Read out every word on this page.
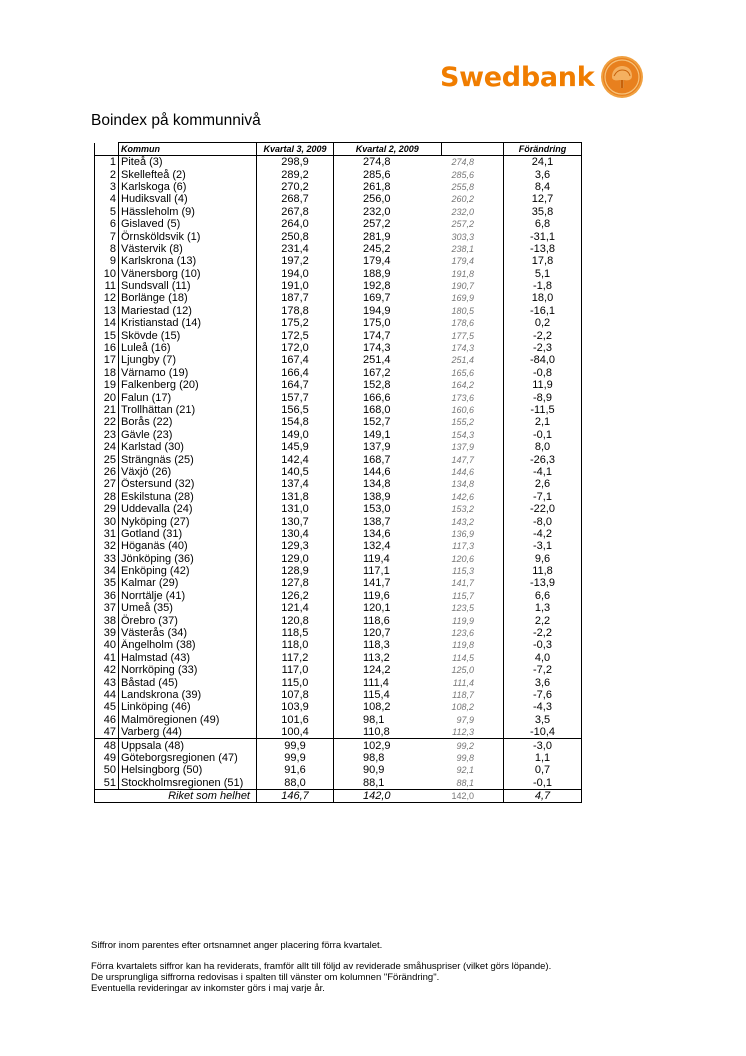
Swedbank
Boindex på kommunnivå
	Kommun	Kvartal 3, 2009	Kvartal 2, 2009			Förändring
1	Piteå (3)	298,9	274,8	274,8		24,1
2	Skellefteå (2)	289,2	285,6	285,6		3,6
3	Karlskoga (6)	270,2	261,8	255,8		8,4
4	Hudiksvall (4)	268,7	256,0	260,2		12,7
5	Hässleholm (9)	267,8	232,0	232,0		35,8
6	Gislaved (5)	264,0	257,2	257,2		6,8
7	Örnsköldsvik (1)	250,8	281,9	303,3		-31,1
8	Västervik (8)	231,4	245,2	238,1		-13,8
9	Karlskrona (13)	197,2	179,4	179,4		17,8
10	Vänersborg (10)	194,0	188,9	191,8		5,1
11	Sundsvall (11)	191,0	192,8	190,7		-1,8
12	Borlänge (18)	187,7	169,7	169,9		18,0
13	Mariestad (12)	178,8	194,9	180,5		-16,1
14	Kristianstad (14)	175,2	175,0	178,6		0,2
15	Skövde (15)	172,5	174,7	177,5		-2,2
16	Luleå (16)	172,0	174,3	174,3		-2,3
17	Ljungby (7)	167,4	251,4	251,4		-84,0
18	Värnamo (19)	166,4	167,2	165,6		-0,8
19	Falkenberg (20)	164,7	152,8	164,2		11,9
20	Falun (17)	157,7	166,6	173,6		-8,9
21	Trollhättan (21)	156,5	168,0	160,6		-11,5
22	Borås (22)	154,8	152,7	155,2		2,1
23	Gävle (23)	149,0	149,1	154,3		-0,1
24	Karlstad (30)	145,9	137,9	137,9		8,0
25	Strängnäs (25)	142,4	168,7	147,7		-26,3
26	Växjö (26)	140,5	144,6	144,6		-4,1
27	Östersund (32)	137,4	134,8	134,8		2,6
28	Eskilstuna (28)	131,8	138,9	142,6		-7,1
29	Uddevalla (24)	131,0	153,0	153,2		-22,0
30	Nyköping (27)	130,7	138,7	143,2		-8,0
31	Gotland (31)	130,4	134,6	136,9		-4,2
32	Höganäs (40)	129,3	132,4	117,3		-3,1
33	Jönköping (36)	129,0	119,4	120,6		9,6
34	Enköping (42)	128,9	117,1	115,3		11,8
35	Kalmar (29)	127,8	141,7	141,7		-13,9
36	Norrtälje (41)	126,2	119,6	115,7		6,6
37	Umeå (35)	121,4	120,1	123,5		1,3
38	Örebro (37)	120,8	118,6	119,9		2,2
39	Västerås (34)	118,5	120,7	123,6		-2,2
40	Ängelholm (38)	118,0	118,3	119,8		-0,3
41	Halmstad (43)	117,2	113,2	114,5		4,0
42	Norrköping (33)	117,0	124,2	125,0		-7,2
43	Båstad (45)	115,0	111,4	111,4		3,6
44	Landskrona (39)	107,8	115,4	118,7		-7,6
45	Linköping (46)	103,9	108,2	108,2		-4,3
46	Malmöregionen (49)	101,6	98,1	97,9		3,5
47	Varberg (44)	100,4	110,8	112,3		-10,4
48	Uppsala (48)	99,9	102,9	99,2		-3,0
49	Göteborgsregionen (47)	99,9	98,8	99,8		1,1
50	Helsingborg (50)	91,6	90,9	92,1		0,7
51	Stockholmsregionen (51)	88,0	88,1	88,1		-0,1
Riket som helhet		146,7	142,0	142,0		4,7

Siffror inom parentes efter ortsnamnet anger placering förra kvartalet.

Förra kvartalets siffror kan ha reviderats, framför allt till följd av reviderade småhuspriser (vilket görs löpande).

De ursprungliga siffrorna redovisas i spalten till vänster om kolumnen "Förändring".

Eventuella revideringar av inkomster görs i maj varje år.
